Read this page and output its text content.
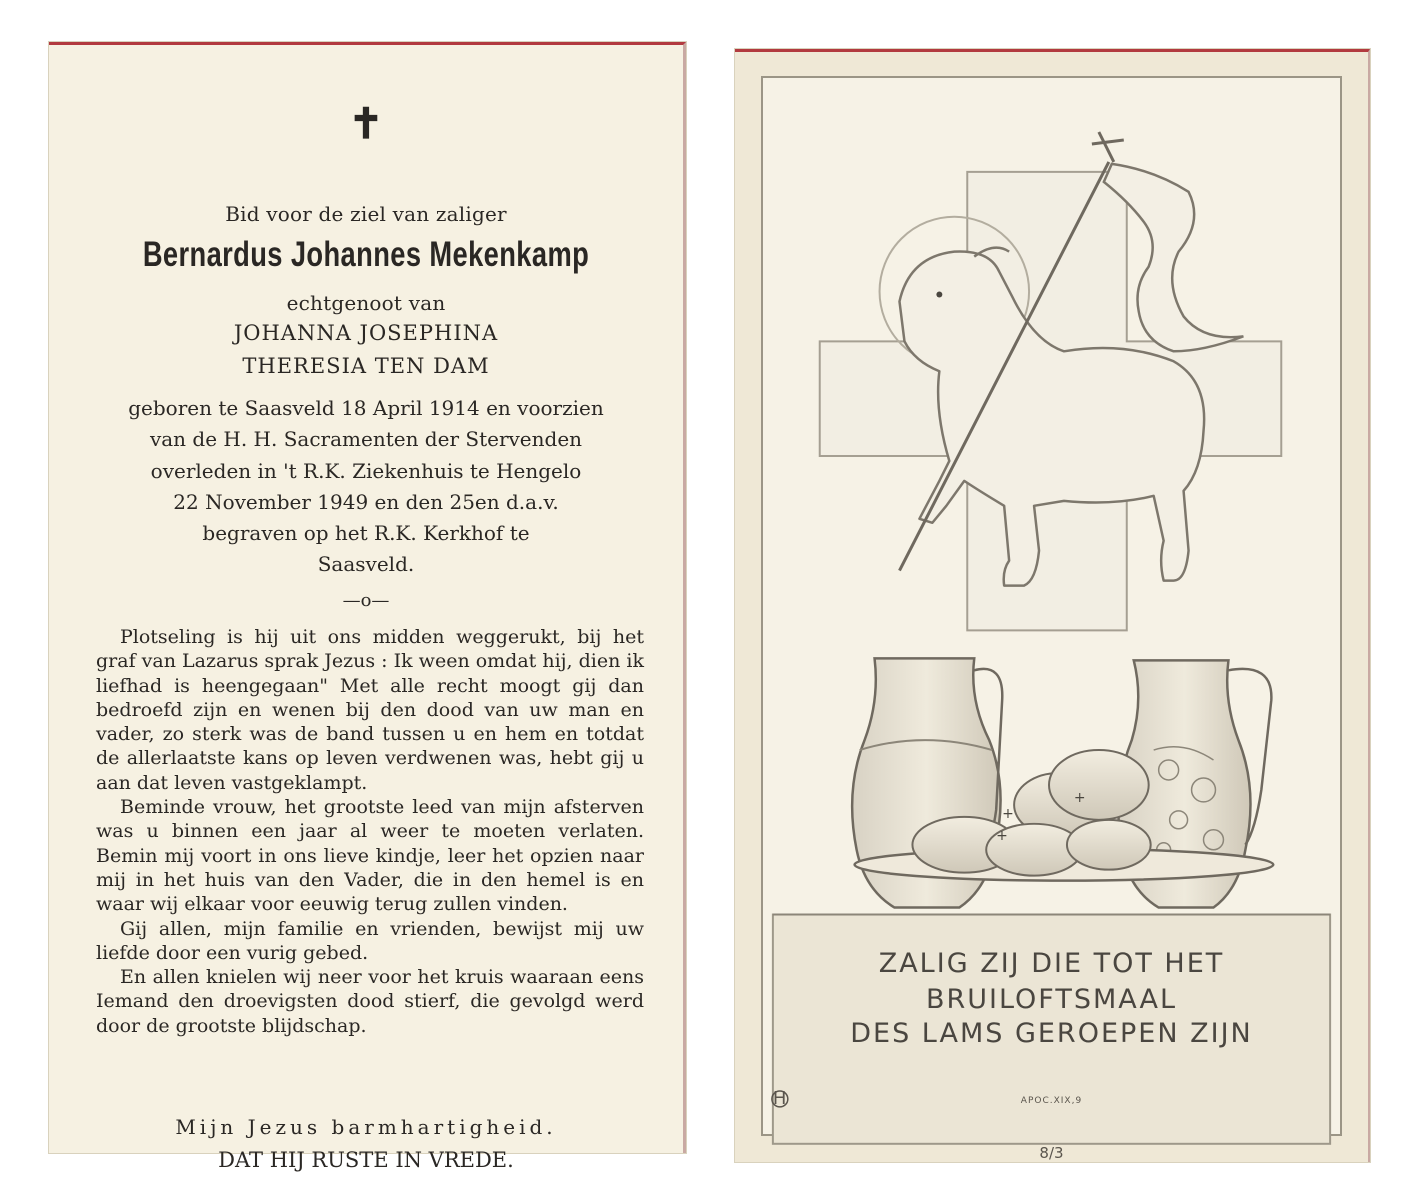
✝
Bid voor de ziel van zaliger
Bernardus Johannes Mekenkamp
echtgenoot van
JOHANNA JOSEPHINA
THERESIA TEN DAM
geboren te Saasveld 18 April 1914 en voorzien
van de H. H. Sacramenten der Stervenden
overleden in 't R.K. Ziekenhuis te Hengelo
22 November 1949 en den 25en d.a.v.
begraven op het R.K. Kerkhof te
Saasveld.
—o—

Plotseling is hij uit ons midden weggerukt, bij het graf van Lazarus sprak Jezus : Ik ween omdat hij, dien ik liefhad is heengegaan" Met alle recht moogt gij dan bedroefd zijn en wenen bij den dood van uw man en vader, zo sterk was de band tussen u en hem en totdat de allerlaatste kans op leven verdwenen was, hebt gij u aan dat leven vastgeklampt.

Beminde vrouw, het grootste leed van mijn afsterven was u binnen een jaar al weer te moeten verlaten. Bemin mij voort in ons lieve kindje, leer het opzien naar mij in het huis van den Vader, die in den hemel is en waar wij elkaar voor eeuwig terug zullen vinden.

Gij allen, mijn familie en vrienden, bewijst mij uw liefde door een vurig gebed.

En allen knielen wij neer voor het kruis waaraan eens Iemand den droevigsten dood stierf, die gevolgd werd door de grootste blijdschap.

Mijn Jezus barmhartigheid.
DAT HIJ RUSTE IN VREDE.
+
+
+
H
ZALIG ZIJ DIE TOT HET
BRUILOFTSMAAL
DES LAMS GEROEPEN ZIJN
APOC.XIX,9
8/3
